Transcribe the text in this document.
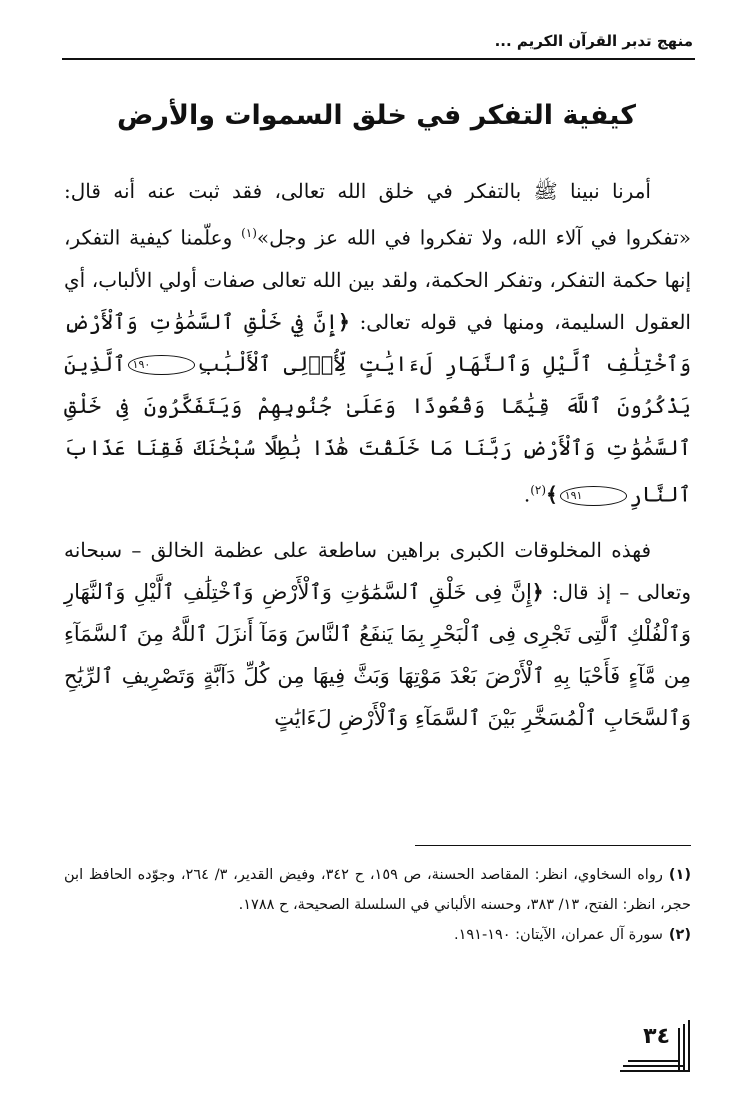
منهج تدبر القرآن الكريم ...
كيفية التفكر في خلق السموات والأرض

أمرنا نبينا ﷺ بالتفكر في خلق الله تعالى، فقد ثبت عنه أنه قال: «تفكروا في آلاء الله، ولا تفكروا في الله عز وجل»$^{(١)}$ وعلّمنا كيفية التفكر، إنها حكمة التفكر، وتفكر الحكمة، ولقد بين الله تعالى صفات أولي الألباب، أي العقول السليمة، ومنها في قوله تعالى: ﴿إِنَّ فِي خَلْقِ ٱلسَّمَٰوَٰتِ وَٱلْأَرْضِ وَٱخْتِلَٰفِ ٱلَّيْلِ وَٱلنَّهَارِ لَءَايَٰتٍ لِّأُو۟لِى ٱلْأَلْبَٰبِ١٩٠ٱلَّذِينَ يَذْكُرُونَ ٱللَّهَ قِيَٰمًا وَقُعُودًا وَعَلَىٰ جُنُوبِهِمْ وَيَتَفَكَّرُونَ فِى خَلْقِ ٱلسَّمَٰوَٰتِ وَٱلْأَرْضِ رَبَّنَا مَا خَلَقْتَ هَٰذَا بَٰطِلًا سُبْحَٰنَكَ فَقِنَا عَذَابَ ٱلنَّارِ١٩١﴾$^{(٢)}$.

فهذه المخلوقات الكبرى براهين ساطعة على عظمة الخالق – سبحانه وتعالى – إذ قال: ﴿إِنَّ فِى خَلْقِ ٱلسَّمَٰوَٰتِ وَٱلْأَرْضِ وَٱخْتِلَٰفِ ٱلَّيْلِ وَٱلنَّهَارِ وَٱلْفُلْكِ ٱلَّتِى تَجْرِى فِى ٱلْبَحْرِ بِمَا يَنفَعُ ٱلنَّاسَ وَمَآ أَنزَلَ ٱللَّهُ مِنَ ٱلسَّمَآءِ مِن مَّآءٍ فَأَحْيَا بِهِ ٱلْأَرْضَ بَعْدَ مَوْتِهَا وَبَثَّ فِيهَا مِن كُلِّ دَآبَّةٍ وَتَصْرِيفِ ٱلرِّيَٰحِ وَٱلسَّحَابِ ٱلْمُسَخَّرِ بَيْنَ ٱلسَّمَآءِ وَٱلْأَرْضِ لَءَايَٰتٍ

(١)رواه السخاوي، انظر: المقاصد الحسنة، ص ١٥٩، ح ٣٤٢، وفيض القدير، ٣/ ٢٦٤، وجوّده الحافظ ابن حجر، انظر: الفتح، ١٣/ ٣٨٣، وحسنه الألباني في السلسلة الصحيحة، ح ١٧٨٨.

(٢)سورة آل عمران، الآيتان: ١٩٠-١٩١.

٣٤
